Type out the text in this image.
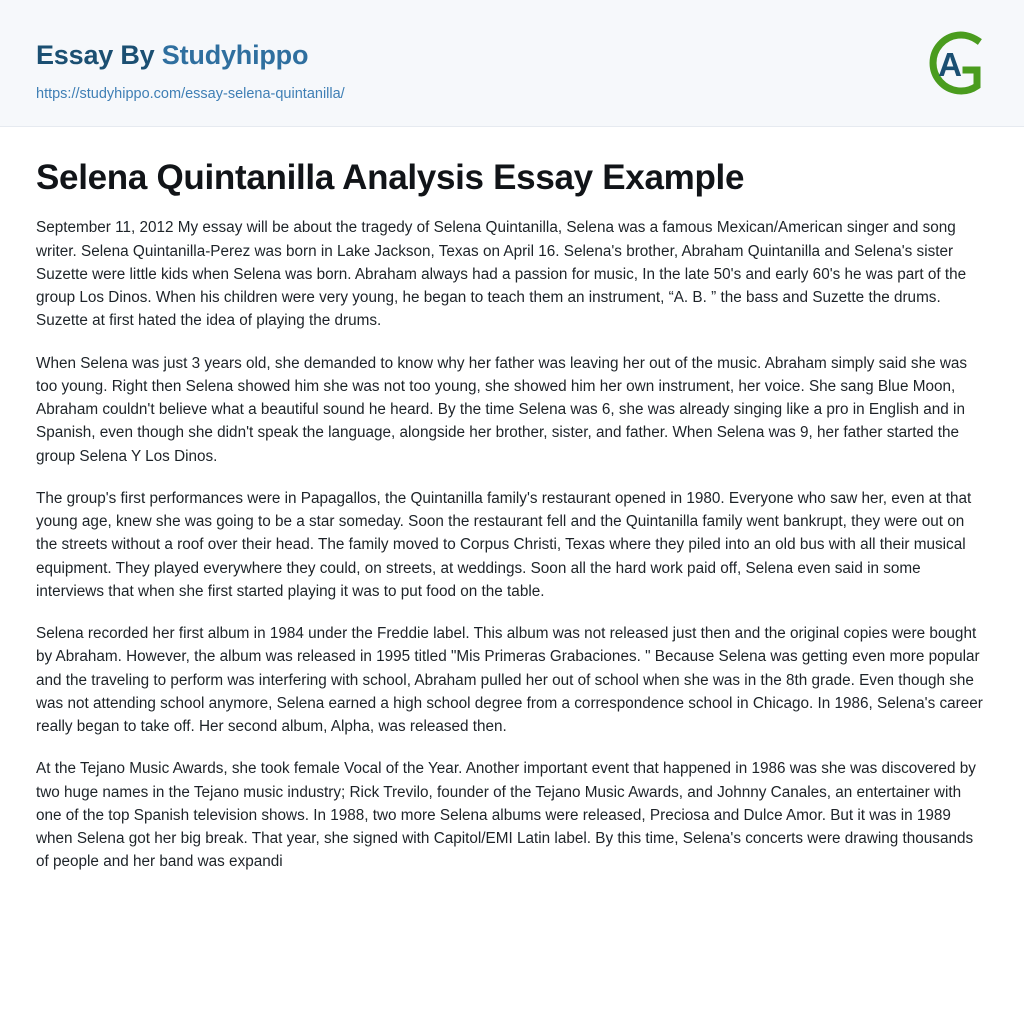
Essay By Studyhippo
https://studyhippo.com/essay-selena-quintanilla/
A
Selena Quintanilla Analysis Essay Example

September 11, 2012 My essay will be about the tragedy of Selena Quintanilla, Selena was a famous Mexican/American singer and song writer. Selena Quintanilla-Perez was born in Lake Jackson, Texas on April 16. Selena's brother, Abraham Quintanilla and Selena's sister Suzette were little kids when Selena was born. Abraham always had a passion for music, In the late 50's and early 60's he was part of the group Los Dinos. When his children were very young, he began to teach them an instrument, “A. B. ” the bass and Suzette the drums. Suzette at first hated the idea of playing the drums.

When Selena was just 3 years old, she demanded to know why her father was leaving her out of the music. Abraham simply said she was too young. Right then Selena showed him she was not too young, she showed him her own instrument, her voice. She sang Blue Moon, Abraham couldn't believe what a beautiful sound he heard. By the time Selena was 6, she was already singing like a pro in English and in Spanish, even though she didn't speak the language, alongside her brother, sister, and father. When Selena was 9, her father started the group Selena Y Los Dinos.

The group's first performances were in Papagallos, the Quintanilla family's restaurant opened in 1980. Everyone who saw her, even at that young age, knew she was going to be a star someday. Soon the restaurant fell and the Quintanilla family went bankrupt, they were out on the streets without a roof over their head. The family moved to Corpus Christi, Texas where they piled into an old bus with all their musical equipment. They played everywhere they could, on streets, at weddings. Soon all the hard work paid off, Selena even said in some interviews that when she first started playing it was to put food on the table.

Selena recorded her first album in 1984 under the Freddie label. This album was not released just then and the original copies were bought by Abraham. However, the album was released in 1995 titled "Mis Primeras Grabaciones. " Because Selena was getting even more popular and the traveling to perform was interfering with school, Abraham pulled her out of school when she was in the 8th grade. Even though she was not attending school anymore, Selena earned a high school degree from a correspondence school in Chicago. In 1986, Selena's career really began to take off. Her second album, Alpha, was released then.

At the Tejano Music Awards, she took female Vocal of the Year. Another important event that happened in 1986 was she was discovered by two huge names in the Tejano music industry; Rick Trevilo, founder of the Tejano Music Awards, and Johnny Canales, an entertainer with one of the top Spanish television shows. In 1988, two more Selena albums were released, Preciosa and Dulce Amor. But it was in 1989 when Selena got her big break. That year, she signed with Capitol/EMI Latin label. By this time, Selena's concerts were drawing thousands of people and her band was expandi
